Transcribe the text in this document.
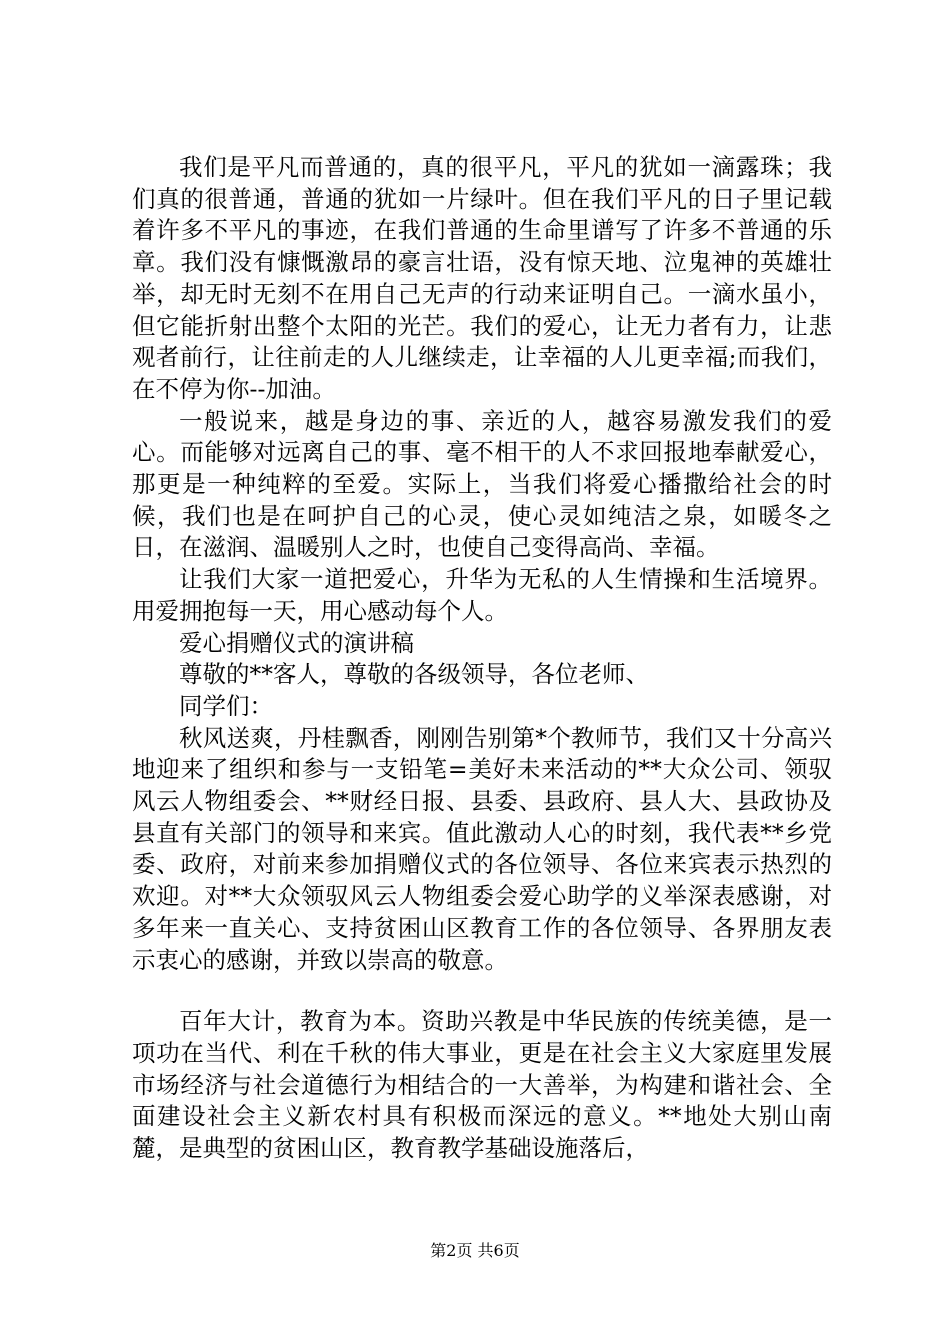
我们是平凡而普通的，真的很平凡，平凡的犹如一滴露珠；我们真的很普通，普通的犹如一片绿叶。但在我们平凡的日子里记载着许多不平凡的事迹，在我们普通的生命里谱写了许多不普通的乐章。我们没有慷慨激昂的豪言壮语，没有惊天地、泣鬼神的英雄壮举，却无时无刻不在用自己无声的行动来证明自己。一滴水虽小，但它能折射出整个太阳的光芒。我们的爱心，让无力者有力，让悲观者前行，让往前走的人儿继续走，让幸福的人儿更幸福;而我们，在不停为你--加油。

一般说来，越是身边的事、亲近的人，越容易激发我们的爱心。而能够对远离自己的事、毫不相干的人不求回报地奉献爱心，那更是一种纯粹的至爱。实际上，当我们将爱心播撒给社会的时候，我们也是在呵护自己的心灵，使心灵如纯洁之泉，如暖冬之日，在滋润、温暖别人之时，也使自己变得高尚、幸福。

让我们大家一道把爱心，升华为无私的人生情操和生活境界。用爱拥抱每一天，用心感动每个人。

爱心捐赠仪式的演讲稿

尊敬的**客人，尊敬的各级领导，各位老师、

同学们：

秋风送爽，丹桂飘香，刚刚告别第*个教师节，我们又十分高兴地迎来了组织和参与一支铅笔=美好未来活动的**大众公司、领驭风云人物组委会、**财经日报、县委、县政府、县人大、县政协及县直有关部门的领导和来宾。值此激动人心的时刻，我代表**乡党委、政府，对前来参加捐赠仪式的各位领导、各位来宾表示热烈的欢迎。对**大众领驭风云人物组委会爱心助学的义举深表感谢，对多年来一直关心、支持贫困山区教育工作的各位领导、各界朋友表示衷心的感谢，并致以崇高的敬意。

百年大计，教育为本。资助兴教是中华民族的传统美德，是一项功在当代、利在千秋的伟大事业，更是在社会主义大家庭里发展市场经济与社会道德行为相结合的一大善举，为构建和谐社会、全面建设社会主义新农村具有积极而深远的意义。**地处大别山南麓，是典型的贫困山区，教育教学基础设施落后，

第2页 共6页
